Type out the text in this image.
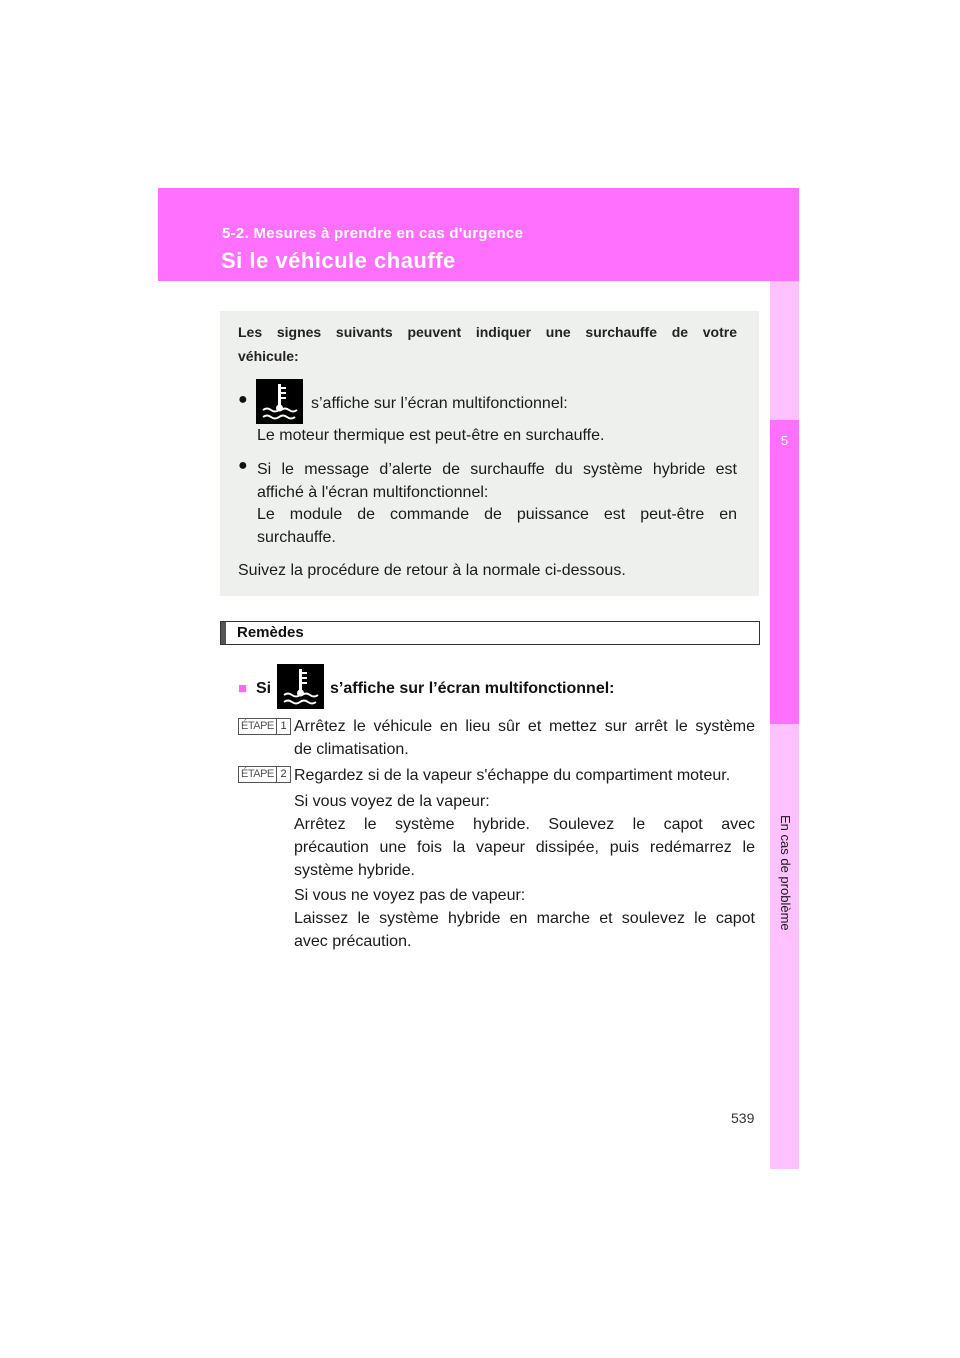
5-2. Mesures à prendre en cas d'urgence
Si le véhicule chauffe
5
En cas de problème
Les signes suivants peuvent indiquer une surchauffe de votre
véhicule:
●	s’affiche sur l’écran multifonctionnel:
Le moteur thermique est peut-être en surchauffe.
● Si le message d’alerte de surchauffe du système hybride est
affiché à l'écran multifonctionnel:
Le module de commande de puissance est peut-être en
surchauffe.
Suivez la procédure de retour à la normale ci-dessous.
Remèdes
■ Si	s’affiche sur l’écran multifonctionnel:
ÉTAPE 1 Arrêtez le véhicule en lieu sûr et mettez sur arrêt le système
de climatisation.
ÉTAPE 2 Regardez si de la vapeur s'échappe du compartiment moteur.
Si vous voyez de la vapeur:
Arrêtez le système hybride. Soulevez le capot avec
précaution une fois la vapeur dissipée, puis redémarrez le
système hybride.
Si vous ne voyez pas de vapeur:
Laissez le système hybride en marche et soulevez le capot
avec précaution.
539
